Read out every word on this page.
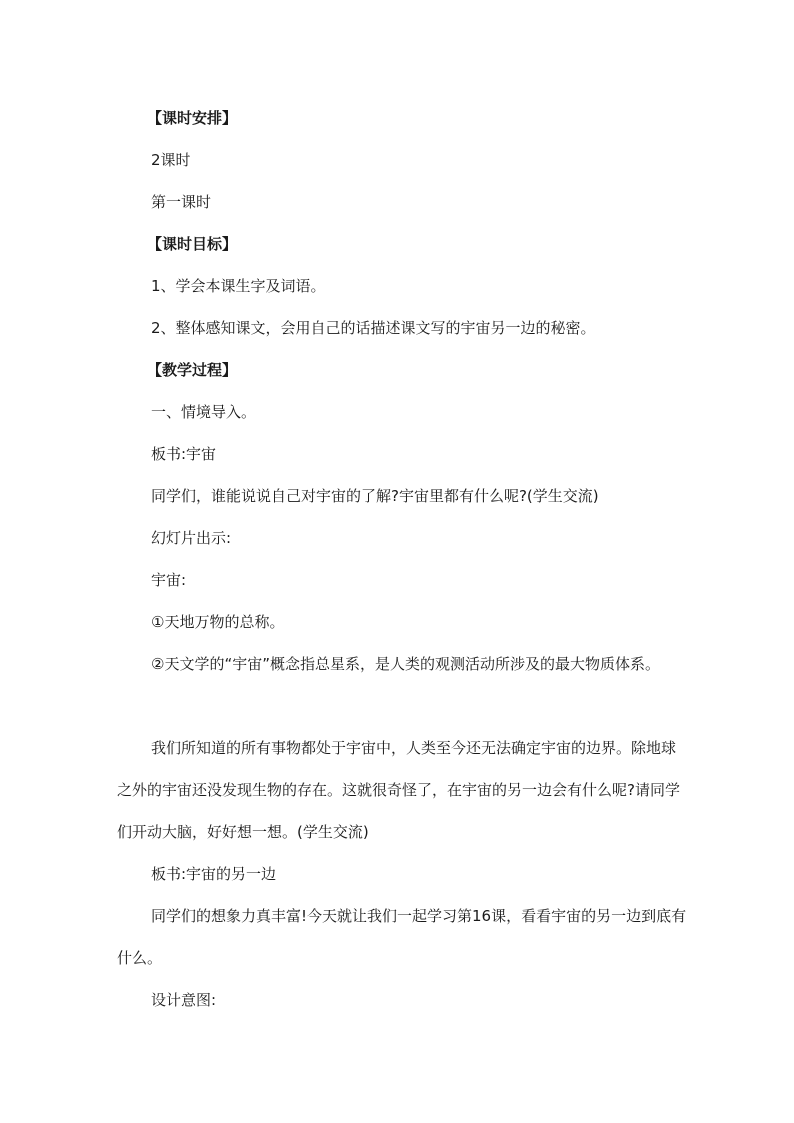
【课时安排】

2课时

第一课时

【课时目标】

1、学会本课生字及词语。

2、整体感知课文，会用自己的话描述课文写的宇宙另一边的秘密。

【教学过程】

一、情境导入。

板书:宇宙

同学们，谁能说说自己对宇宙的了解?宇宙里都有什么呢?(学生交流)

幻灯片出示:

宇宙:

①天地万物的总称。

②天文学的“宇宙”概念指总星系，是人类的观测活动所涉及的最大物质体系。

我们所知道的所有事物都处于宇宙中，人类至今还无法确定宇宙的边界。除地球之外的宇宙还没发现生物的存在。这就很奇怪了，在宇宙的另一边会有什么呢?请同学们开动大脑，好好想一想。(学生交流)

板书:宇宙的另一边

同学们的想象力真丰富!今天就让我们一起学习第16课，看看宇宙的另一边到底有什么。

设计意图:
